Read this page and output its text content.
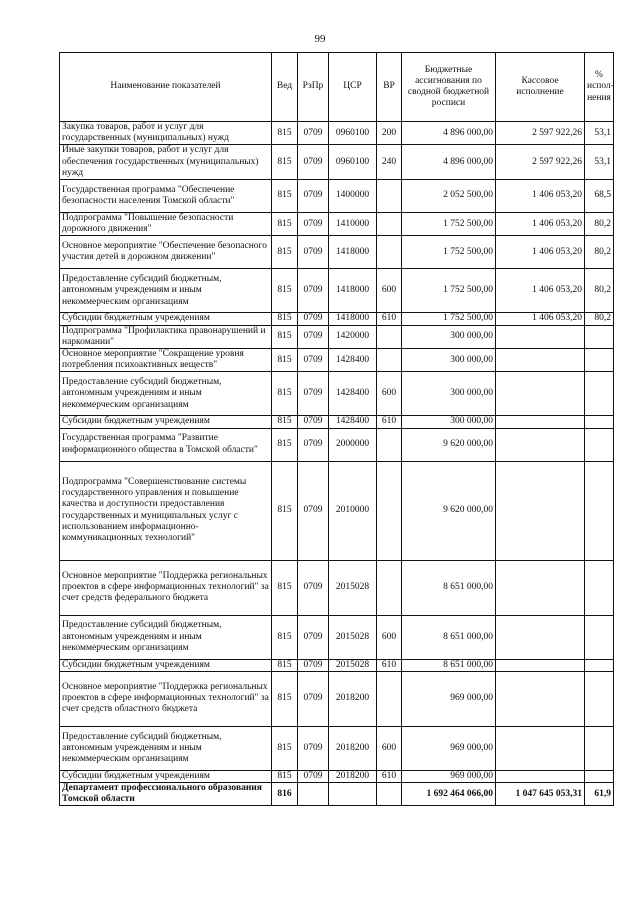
99
Наименование показателей	Вед	РзПр	ЦСР	ВР	Бюджетные ассигнования по сводной бюджетной росписи	Кассовое исполнение	% испол-нения
Закупка товаров, работ и услуг для государственных (муниципальных) нужд	815	0709	0960100	200	4 896 000,00	2 597 922,26	53,1
Иные закупки товаров, работ и услуг для обеспечения государственных (муниципальных) нужд	815	0709	0960100	240	4 896 000,00	2 597 922,26	53,1
Государственная программа "Обеспечение безопасности населения Томской области"	815	0709	1400000		2 052 500,00	1 406 053,20	68,5
Подпрограмма "Повышение безопасности дорожного движения"	815	0709	1410000		1 752 500,00	1 406 053,20	80,2
Основное мероприятие "Обеспечение безопасного участия детей в дорожном движении"	815	0709	1418000		1 752 500,00	1 406 053,20	80,2
Предоставление субсидий бюджетным, автономным учреждениям и иным некоммерческим организациям	815	0709	1418000	600	1 752 500,00	1 406 053,20	80,2
Субсидии бюджетным учреждениям	815	0709	1418000	610	1 752 500,00	1 406 053,20	80,2
Подпрограмма "Профилактика правонарушений и наркомании"	815	0709	1420000		300 000,00		
Основное мероприятие "Сокращение уровня потребления психоактивных веществ"	815	0709	1428400		300 000,00		
Предоставление субсидий бюджетным, автономным учреждениям и иным некоммерческим организациям	815	0709	1428400	600	300 000,00		
Субсидии бюджетным учреждениям	815	0709	1428400	610	300 000,00		
Государственная программа "Развитие информационного общества в Томской области"	815	0709	2000000		9 620 000,00		
Подпрограмма "Совершенствование системы государственного управления и повышение качества и доступности предоставления государственных и муниципальных услуг с использованием информационно-коммуникационных технологий"	815	0709	2010000		9 620 000,00		
Основное мероприятие "Поддержка региональных проектов в сфере информационных технологий" за счет средств федерального бюджета	815	0709	2015028		8 651 000,00		
Предоставление субсидий бюджетным, автономным учреждениям и иным некоммерческим организациям	815	0709	2015028	600	8 651 000,00		
Субсидии бюджетным учреждениям	815	0709	2015028	610	8 651 000,00		
Основное мероприятие "Поддержка региональных проектов в сфере информационных технологий" за счет средств областного бюджета	815	0709	2018200		969 000,00		
Предоставление субсидий бюджетным, автономным учреждениям и иным некоммерческим организациям	815	0709	2018200	600	969 000,00		
Субсидии бюджетным учреждениям	815	0709	2018200	610	969 000,00		
Департамент профессионального образования Томской области	816				1 692 464 066,00	1 047 645 053,31	61,9
